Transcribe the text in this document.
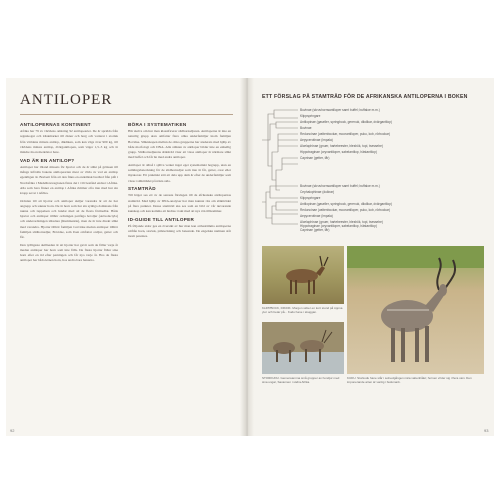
ANTILOPER
ANTILOPERNAS KONTINENT

Afrika har 79 av världens omkring 92 antilopearter. De är spridda från regnskogar och träskmarker till öknar och berg och varierar i storlek från världens minsta antilop, dikdiken, som kan väga över 900 kg, till världens minsta antilop, dvärgantilopen, som väger 1,5–3 kg och är mindre än en medelstor hare.

VAD ÄR EN ANTILOP?

Antiloper har ibland missats för hjortar och de är släkt på gränsen till många infödda bokens antilopearten mest av vilda av vad en antilop egentligen är. Bortsett från att den finns en endemisk bredled från plåt i Nordafrika i Medelhavsregionen finns det i vilt bestånd endast i Afrika. Alla som bara finner en antilop i Afrika rimmar ofta inte med hur sin kropp ser ut i Afrika.

Ordalen till att hjortar och antiloper skiljer varandra är att de har angrepp och saknar horn. De är horn som har sin synliga dominans från nunna och tuppelsen och lundar med att de flesta förmedlat. Båda hjortar och antiloper tillhör ordningen partåiga hovdjur (Artiodactyla) och underordningen idisslare (Ruminantia), men de är inte direkt släkt med varandra. Hjortar tillhör familjen Cervidae medan antiloper tillhör familjen slidhornsdjur, Bovidae, som även omfattar oxdjur, getter och får.

Den tydligaste skillnaden är att hjortar har gevir som de fäller varje år medan antiloper har horn som inte fälls. De flesta hjortar fäller sina horn efter en tid efter parningen och får nya varje år. Hos de flesta antiloper har båda könen horn, hos andra bara hanarna.

BÖRA I SYSTEMATIKEN

Här skrivs om hur man klassificerar slidhornsdjuren. Antiloperna är inte en naturlig grupp utan omfattar flera olika underfamiljer inom familjen Bovidae. Släktskapen mellan de olika grupperna har studerats med hjälp av både morfologi och DNA. Alla släkten av antiloper bildar inte en enhetlig grupp. Slidhornsdjurens släktträd visar att vissa antiloper är närmare släkt med buffel och får än med andra antiloper.

Antiloper är alltså i själva verket inget eget systematiskt begrepp, utan en samlingsbeteckning för de slidhornsdjur som inte är får, getter, oxar eller myskoxar. Ett praktiskt sätt att dela upp dem är efter de underfamiljer som visas i släktträdet på nästa sida.

STAMTRÄD

Till höger ses ett av de senaste förslagen till de afrikanska antilopernas stamträd. Med hjälp av DNA-analyser har man kunnat rita om släktträdet på flera punkter. Dessa stamträd ska ses som en bild av vår nuvarande kunskap och kan komma att ändras i takt med att nya rön tillkommer.

ID-GUIDE TILL ANTILOPER

På följande sidor ges en översikt av hur man kan artbestämma antiloperna utifrån horn, storlek, pälsteckning och beteende. De engelska namnen står inom parentes.

92	93
ETT FÖRSLAG PÅ STAMTRÄD FÖR DE AFRIKANSKA ANTILOPERNA I BOKEN
Buvinae (skruvhornsantiloper samt buffel; buffaloe m.m.)
Klippspringare
Antilopinae (gaseller, springbock, gerenuk, dikdikar, dvärgantilop)
Bovinae
Reduncinae (vattenbockar, moorantiloper, puku, kob, rörbockar)
Aepycerotinae (impala)
Alcelaphinae (gnuer, hartebeester, bleshök, topi, tsessebe)
Hippotraginae (oryxantiloper, sabelantilop, hästantilop)
Caprinae (getter, får)
Bovinae (skruvhornsantiloper samt buffel; buffaloe m.m.)
Cephalophinae (duikrar)
Klippspringare
Antilopinae (gaseller, springbock, gerenuk, dikdikar, dvärgantilop)
Reduncinae (vattenbockar, moorantiloper, puku, kob, rörbockar)
Aepycerotinae (impala)
Alcelaphinae (gnuer, hartebeester, bleshök, topi, tsessebe)
Hippotraginae (oryxantiloper, sabelantilop, hästantilop)
Caprinae (getter, får)
KLIPPBOCK, DIKDIK. Morgon stöter en kort stund på öppna ytor och betar på... Kudu hane i skuggan.
STORKUDU. Gemensamma små grupper av hondjur med sina ungar, Savannen i södra Afrika.
KUDU. Storkudu hane står i solnedgången nära vattenhålet; hornen vrider sig i flera varv. Den imponerande arten är vanlig i buskmark.
